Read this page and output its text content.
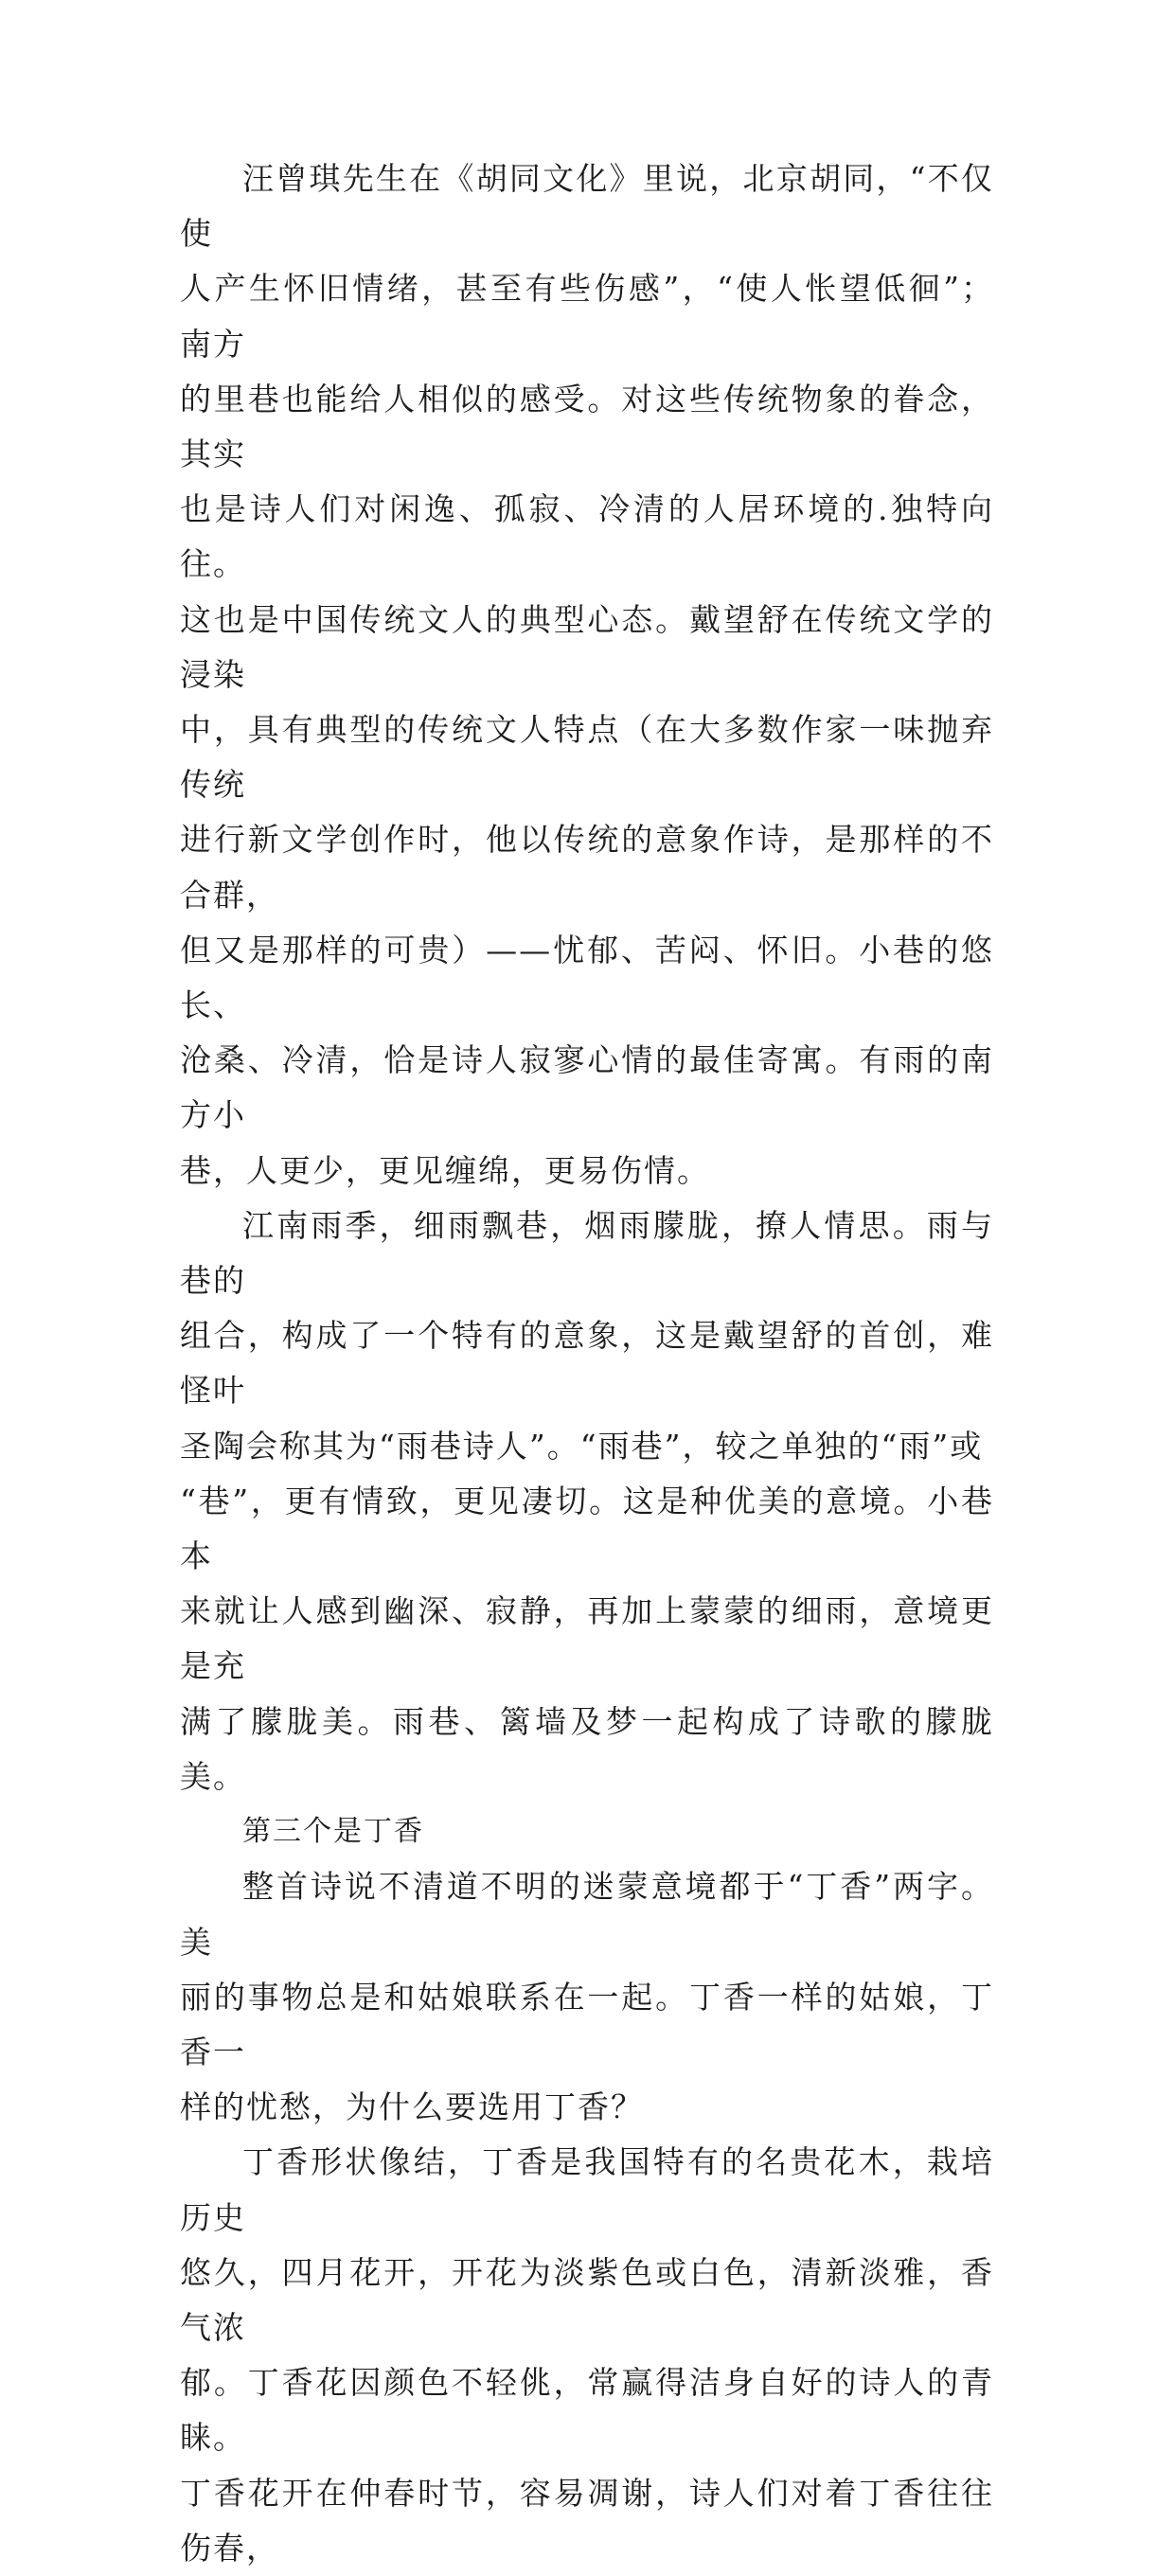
汪曾琪先生在《胡同文化》里说，北京胡同，“不仅使
人产生怀旧情绪，甚至有些伤感”，“使人怅望低徊”；南方
的里巷也能给人相似的感受。对这些传统物象的眷念，其实
也是诗人们对闲逸、孤寂、冷清的人居环境的.独特向往。
这也是中国传统文人的典型心态。戴望舒在传统文学的浸染
中，具有典型的传统文人特点（在大多数作家一味抛弃传统
进行新文学创作时，他以传统的意象作诗，是那样的不合群，
但又是那样的可贵）——忧郁、苦闷、怀旧。小巷的悠长、
沧桑、冷清，恰是诗人寂寥心情的最佳寄寓。有雨的南方小
巷，人更少，更见缠绵，更易伤情。

江南雨季，细雨飘巷，烟雨朦胧，撩人情思。雨与巷的
组合，构成了一个特有的意象，这是戴望舒的首创，难怪叶
圣陶会称其为“雨巷诗人”。“雨巷”，较之单独的“雨”或
“巷”，更有情致，更见凄切。这是种优美的意境。小巷本
来就让人感到幽深、寂静，再加上蒙蒙的细雨，意境更是充
满了朦胧美。雨巷、篱墙及梦一起构成了诗歌的朦胧美。

第三个是丁香

整首诗说不清道不明的迷蒙意境都于“丁香”两字。美
丽的事物总是和姑娘联系在一起。丁香一样的姑娘，丁香一
样的忧愁，为什么要选用丁香？

丁香形状像结，丁香是我国特有的名贵花木，栽培历史
悠久，四月花开，开花为淡紫色或白色，清新淡雅，香气浓
郁。丁香花因颜色不轻佻，常赢得洁身自好的诗人的青睐。
丁香花开在仲春时节，容易凋谢，诗人们对着丁香往往伤春，
